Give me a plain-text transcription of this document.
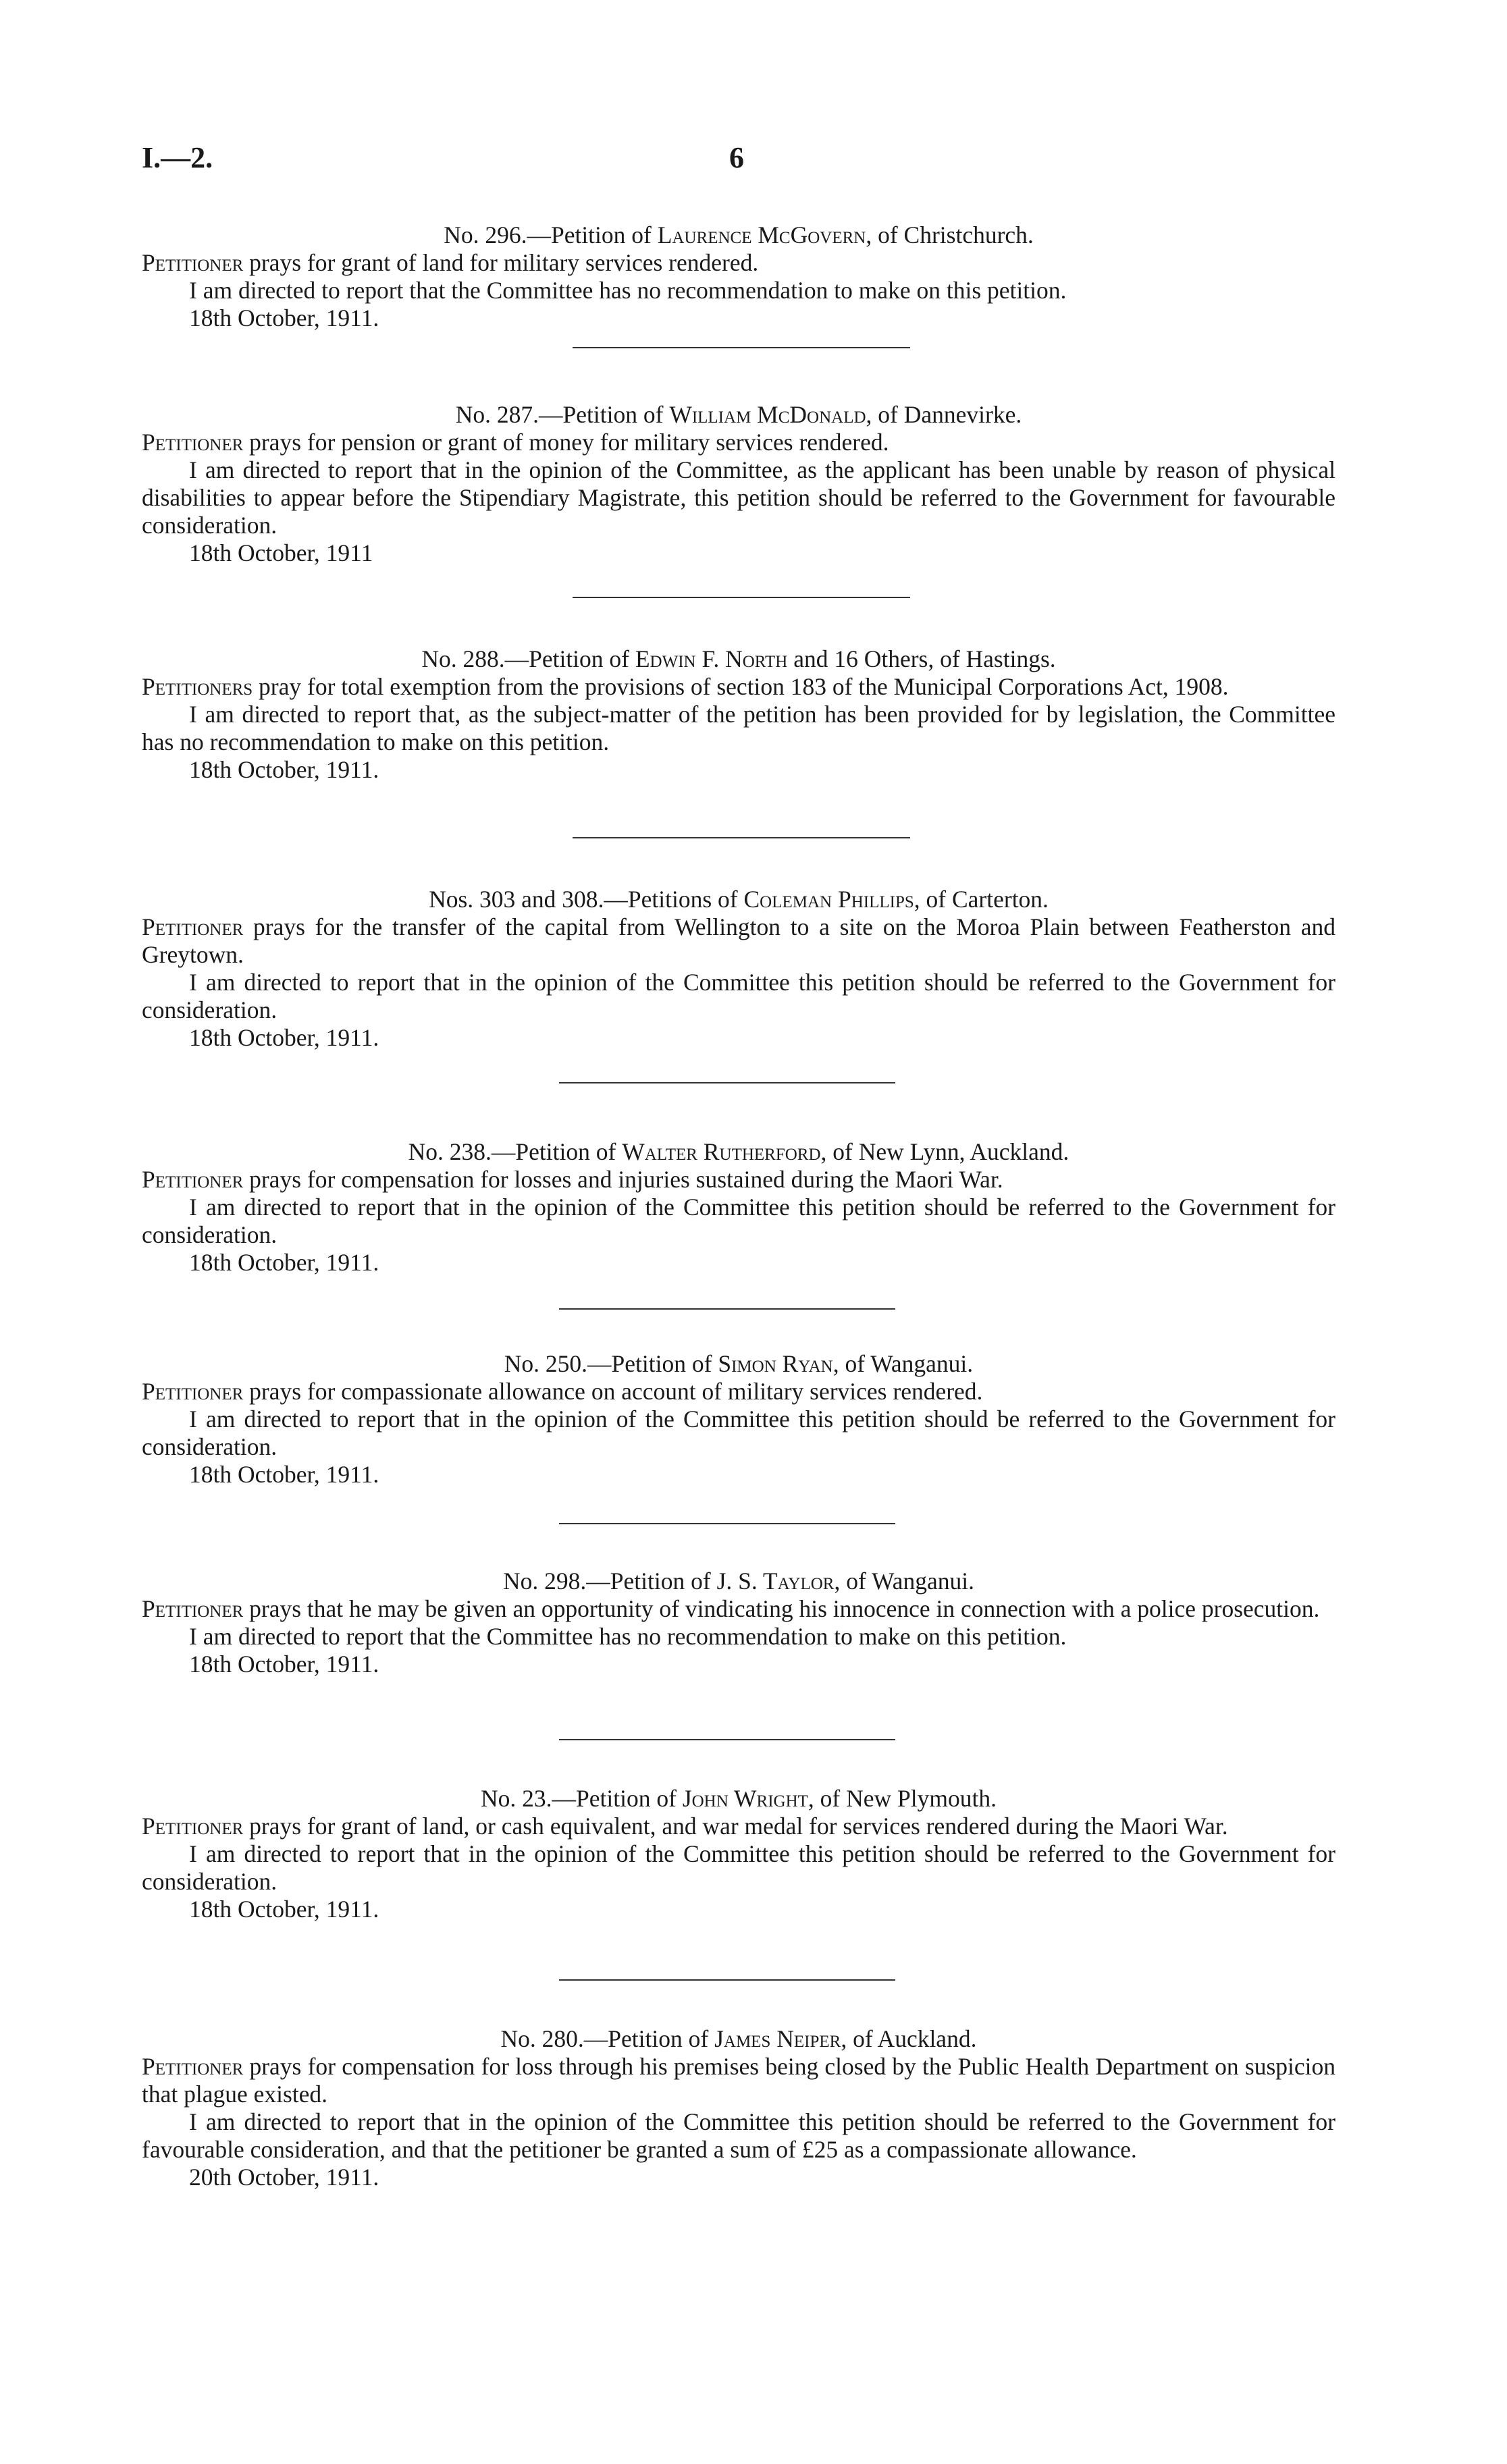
I.—2.	6
No. 296.—Petition of Laurence McGovern, of Christchurch.
Petitioner prays for grant of land for military services rendered.
I am directed to report that the Committee has no recommendation to make on this petition.
18th October, 1911.
No. 287.—Petition of William McDonald, of Dannevirke.
Petitioner prays for pension or grant of money for military services rendered.
I am directed to report that in the opinion of the Committee, as the applicant has been unable by reason of physical disabilities to appear before the Stipendiary Magistrate, this petition should be referred to the Government for favourable consideration.
18th October, 1911
No. 288.—Petition of Edwin F. North and 16 Others, of Hastings.
Petitioners pray for total exemption from the provisions of section 183 of the Municipal Corporations Act, 1908.
I am directed to report that, as the subject-matter of the petition has been provided for by legislation, the Committee has no recommendation to make on this petition.
18th October, 1911.
Nos. 303 and 308.—Petitions of Coleman Phillips, of Carterton.
Petitioner prays for the transfer of the capital from Wellington to a site on the Moroa Plain between Featherston and Greytown.
I am directed to report that in the opinion of the Committee this petition should be referred to the Government for consideration.
18th October, 1911.
No. 238.—Petition of Walter Rutherford, of New Lynn, Auckland.
Petitioner prays for compensation for losses and injuries sustained during the Maori War.
I am directed to report that in the opinion of the Committee this petition should be referred to the Government for consideration.
18th October, 1911.
No. 250.—Petition of Simon Ryan, of Wanganui.
Petitioner prays for compassionate allowance on account of military services rendered.
I am directed to report that in the opinion of the Committee this petition should be referred to the Government for consideration.
18th October, 1911.
No. 298.—Petition of J. S. Taylor, of Wanganui.
Petitioner prays that he may be given an opportunity of vindicating his innocence in connection with a police prosecution.
I am directed to report that the Committee has no recommendation to make on this petition.
18th October, 1911.
No. 23.—Petition of John Wright, of New Plymouth.
Petitioner prays for grant of land, or cash equivalent, and war medal for services rendered during the Maori War.
I am directed to report that in the opinion of the Committee this petition should be referred to the Government for consideration.
18th October, 1911.
No. 280.—Petition of James Neiper, of Auckland.
Petitioner prays for compensation for loss through his premises being closed by the Public Health Department on suspicion that plague existed.
I am directed to report that in the opinion of the Committee this petition should be referred to the Government for favourable consideration, and that the petitioner be granted a sum of £25 as a compassionate allowance.
20th October, 1911.
